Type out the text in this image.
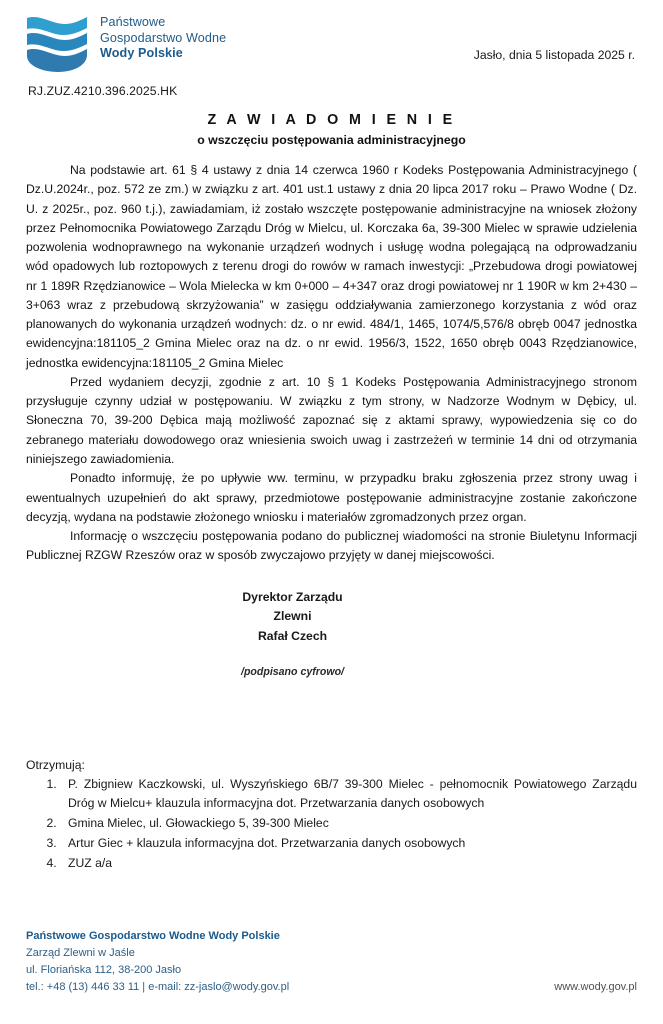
Państwowe
Gospodarstwo Wodne
Wody Polskie	Jasło, dnia 5 listopada 2025 r.
RJ.ZUZ.4210.396.2025.HK
Z A W I A D O M I E N I E
o wszczęciu postępowania administracyjnego

Na podstawie art. 61 § 4 ustawy z dnia 14 czerwca 1960 r Kodeks Postępowania Administracyjnego ( Dz.U.2024r., poz. 572 ze zm.) w związku z art. 401 ust.1 ustawy z dnia 20 lipca 2017 roku – Prawo Wodne ( Dz. U. z 2025r., poz. 960 t.j.), zawiadamiam, iż zostało wszczęte postępowanie administracyjne na wniosek złożony przez Pełnomocnika Powiatowego Zarządu Dróg w Mielcu, ul. Korczaka 6a, 39-300 Mielec w sprawie udzielenia pozwolenia wodnoprawnego na wykonanie urządzeń wodnych i usługę wodna polegającą na odprowadzaniu wód opadowych lub roztopowych z terenu drogi do rowów w ramach inwestycji: „Przebudowa drogi powiatowej nr 1 189R Rzędzianowice – Wola Mielecka w km 0+000 – 4+347 oraz drogi powiatowej nr 1 190R w km 2+430 – 3+063 wraz z przebudową skrzyżowania” w zasięgu oddziaływania zamierzonego korzystania z wód oraz planowanych do wykonania urządzeń wodnych: dz. o nr ewid. 484/1, 1465, 1074/5,576/8 obręb 0047 jednostka ewidencyjna:181105_2 Gmina Mielec oraz na dz. o nr ewid. 1956/3, 1522, 1650 obręb 0043 Rzędzianowice, jednostka ewidencyjna:181105_2 Gmina Mielec

Przed wydaniem decyzji, zgodnie z art. 10 § 1 Kodeks Postępowania Administracyjnego stronom przysługuje czynny udział w postępowaniu. W związku z tym strony, w Nadzorze Wodnym w Dębicy, ul. Słoneczna 70, 39-200 Dębica mają możliwość zapoznać się z aktami sprawy, wypowiedzenia się co do zebranego materiału dowodowego oraz wniesienia swoich uwag i zastrzeżeń w terminie 14 dni od otrzymania niniejszego zawiadomienia.

Ponadto informuję, że po upływie ww. terminu, w przypadku braku zgłoszenia przez strony uwag i ewentualnych uzupełnień do akt sprawy, przedmiotowe postępowanie administracyjne zostanie zakończone decyzją, wydana na podstawie złożonego wniosku i materiałów zgromadzonych przez organ.

Informację o wszczęciu postępowania podano do publicznej wiadomości na stronie Biuletynu Informacji Publicznej RZGW Rzeszów oraz w sposób zwyczajowo przyjęty w danej miejscowości.

Dyrektor Zarządu
Zlewni
Rafał Czech
/podpisano cyfrowo/
Otrzymują:
1. P. Zbigniew Kaczkowski, ul. Wyszyńskiego 6B/7 39-300 Mielec - pełnomocnik Powiatowego Zarządu Dróg w Mielcu+ klauzula informacyjna dot. Przetwarzania danych osobowych
2. Gmina Mielec, ul. Głowackiego 5, 39-300 Mielec
3. Artur Giec + klauzula informacyjna dot. Przetwarzania danych osobowych
4. ZUZ a/a
Państwowe Gospodarstwo Wodne Wody Polskie
Zarząd Zlewni w Jaśle
ul. Floriańska 112, 38-200 Jasło
tel.: +48 (13) 446 33 11 | e-mail: zz-jaslo@wody.gov.pl	www.wody.gov.pl
